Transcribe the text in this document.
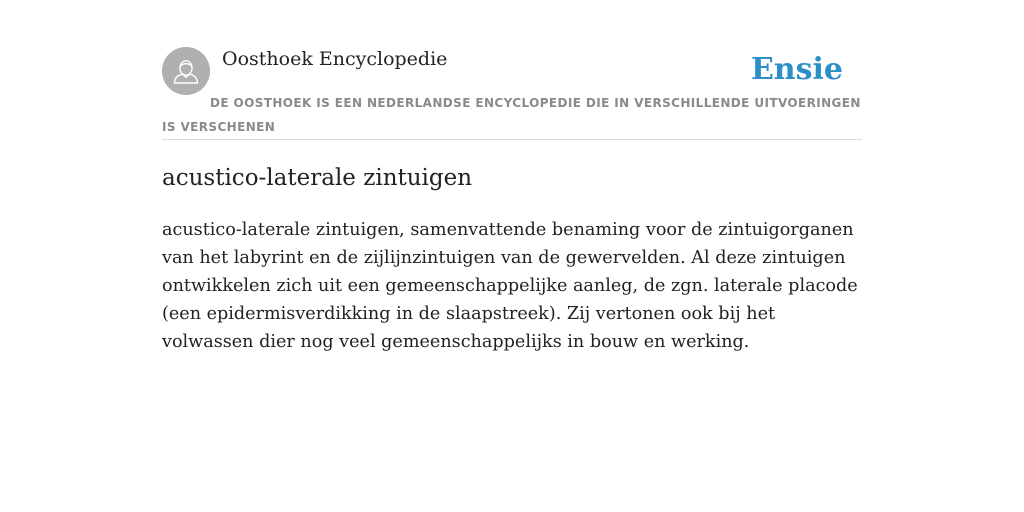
Oosthoek Encyclopedie	Ensie
DE OOSTHOEK IS EEN NEDERLANDSE ENCYCLOPEDIE DIE IN VERSCHILLENDE UITVOERINGEN IS VERSCHENEN
acustico-laterale zintuigen

acustico-laterale zintuigen, samenvattende benaming voor de zintuigorganen van het labyrint en de zijlijnzintuigen van de gewervelden. Al deze zintuigen ontwikkelen zich uit een gemeenschappelijke aanleg, de zgn. laterale placode (een epidermisverdikking in de slaapstreek). Zij vertonen ook bij het volwassen dier nog veel gemeenschappelijks in bouw en werking.
